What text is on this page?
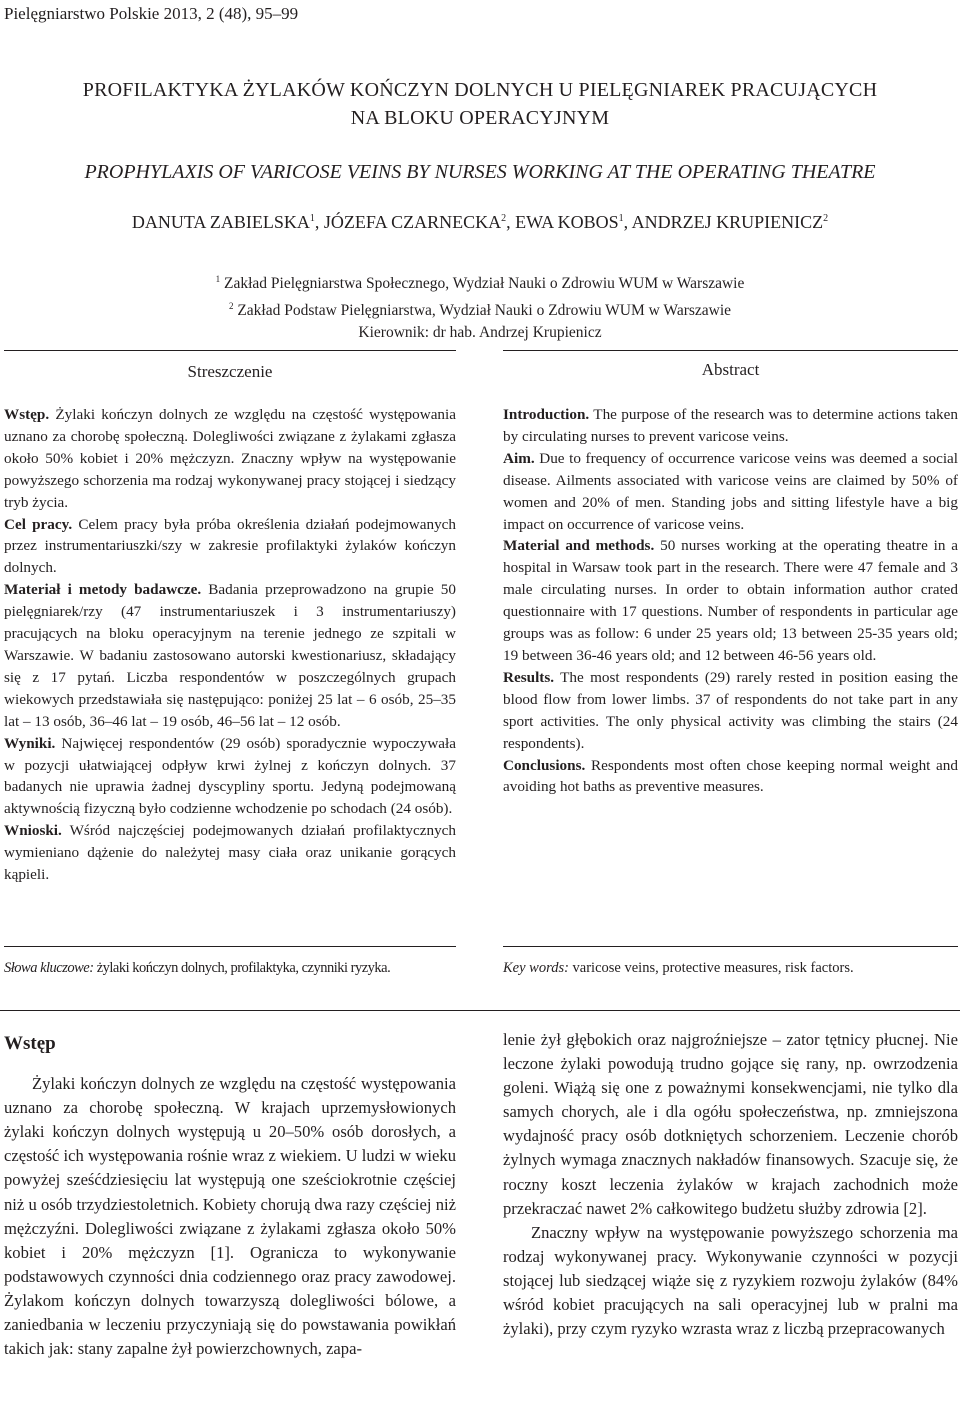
Pielęgniarstwo Polskie 2013, 2 (48), 95–99
PROFILAKTYKA ŻYLAKÓW KOŃCZYN DOLNYCH U PIELĘGNIAREK PRACUJĄCYCH
NA BLOKU OPERACYJNYM
PROPHYLAXIS OF VARICOSE VEINS BY NURSES WORKING AT THE OPERATING THEATRE
DANUTA ZABIELSKA$^1$, JÓZEFA CZARNECKA$^2$, EWA KOBOS$^1$, ANDRZEJ KRUPIENICZ$^2$
$^1$ Zakład Pielęgniarstwa Społecznego, Wydział Nauki o Zdrowiu WUM w Warszawie
$^2$ Zakład Podstaw Pielęgniarstwa, Wydział Nauki o Zdrowiu WUM w Warszawie
Kierownik: dr hab. Andrzej Krupienicz
Streszczenie

Wstęp. Żylaki kończyn dolnych ze względu na częstość występowania uznano za chorobę społeczną. Dolegliwości związane z żylakami zgłasza około 50% kobiet i 20% mężczyzn. Znaczny wpływ na występowanie powyższego schorzenia ma rodzaj wykonywanej pracy stojącej i siedzący tryb życia.

Cel pracy. Celem pracy była próba określenia działań podejmowanych przez instrumentariuszki/szy w zakresie profilaktyki żylaków kończyn dolnych.

Materiał i metody badawcze. Badania przeprowadzono na grupie 50 pielęgniarek/rzy (47 instrumentariuszek i 3 instrumentariuszy) pracujących na bloku operacyjnym na terenie jednego ze szpitali w Warszawie. W badaniu zastosowano autorski kwestionariusz, składający się z 17 pytań. Liczba respondentów w poszczególnych grupach wiekowych przedstawiała się następująco: poniżej 25 lat – 6 osób, 25–35 lat – 13 osób, 36–46 lat – 19 osób, 46–56 lat – 12 osób.

Wyniki. Najwięcej respondentów (29 osób) sporadycznie wypoczywała w pozycji ułatwiającej odpływ krwi żylnej z kończyn dolnych. 37 badanych nie uprawia żadnej dyscypliny sportu. Jedyną podejmowaną aktywnością fizyczną było codzienne wchodzenie po schodach (24 osób).

Wnioski. Wśród najczęściej podejmowanych działań profilaktycznych wymieniano dążenie do należytej masy ciała oraz unikanie gorących kąpieli.

Słowa kluczowe: żylaki kończyn dolnych, profilaktyka, czynniki ryzyka.
Abstract

Introduction. The purpose of the research was to determine actions taken by circulating nurses to prevent varicose veins.

Aim. Due to frequency of occurrence varicose veins was deemed a social disease. Ailments associated with varicose veins are claimed by 50% of women and 20% of men. Standing jobs and sitting lifestyle have a big impact on occurrence of varicose veins.

Material and methods. 50 nurses working at the operating theatre in a hospital in Warsaw took part in the research. There were 47 female and 3 male circulating nurses. In order to obtain information author crated questionnaire with 17 questions. Number of respondents in particular age groups was as follow: 6 under 25 years old; 13 between 25-35 years old; 19 between 36-46 years old; and 12 between 46-56 years old.

Results. The most respondents (29) rarely rested in position easing the blood flow from lower limbs. 37 of respondents do not take part in any sport activities. The only physical activity was climbing the stairs (24 respondents).

Conclusions. Respondents most often chose keeping normal weight and avoiding hot baths as preventive measures.

Key words: varicose veins, protective measures, risk factors.
Wstęp

Żylaki kończyn dolnych ze względu na częstość występowania uznano za chorobę społeczną. W krajach uprzemysłowionych żylaki kończyn dolnych występują u 20–50% osób dorosłych, a częstość ich występowania rośnie wraz z wiekiem. U ludzi w wieku powyżej sześćdziesięciu lat występują one sześciokrotnie częściej niż u osób trzydziestoletnich. Kobiety chorują dwa razy częściej niż mężczyźni. Dolegliwości związane z żylakami zgłasza około 50% kobiet i 20% mężczyzn [1]. Ogranicza to wykonywanie podstawowych czynności dnia codziennego oraz pracy zawodowej. Żylakom kończyn dolnych towarzyszą dolegliwości bólowe, a zaniedbania w leczeniu przyczyniają się do powstawania powikłań takich jak: stany zapalne żył powierzchownych, zapa-

lenie żył głębokich oraz najgroźniejsze – zator tętnicy płucnej. Nie leczone żylaki powodują trudno gojące się rany, np. owrzodzenia goleni. Wiążą się one z poważnymi konsekwencjami, nie tylko dla samych chorych, ale i dla ogółu społeczeństwa, np. zmniejszona wydajność pracy osób dotkniętych schorzeniem. Leczenie chorób żylnych wymaga znacznych nakładów finansowych. Szacuje się, że roczny koszt leczenia żylaków w krajach zachodnich może przekraczać nawet 2% całkowitego budżetu służby zdrowia [2].

Znaczny wpływ na występowanie powyższego schorzenia ma rodzaj wykonywanej pracy. Wykonywanie czynności w pozycji stojącej lub siedzącej wiąże się z ryzykiem rozwoju żylaków (84% wśród kobiet pracujących na sali operacyjnej lub w pralni ma żylaki), przy czym ryzyko wzrasta wraz z liczbą przepracowanych
